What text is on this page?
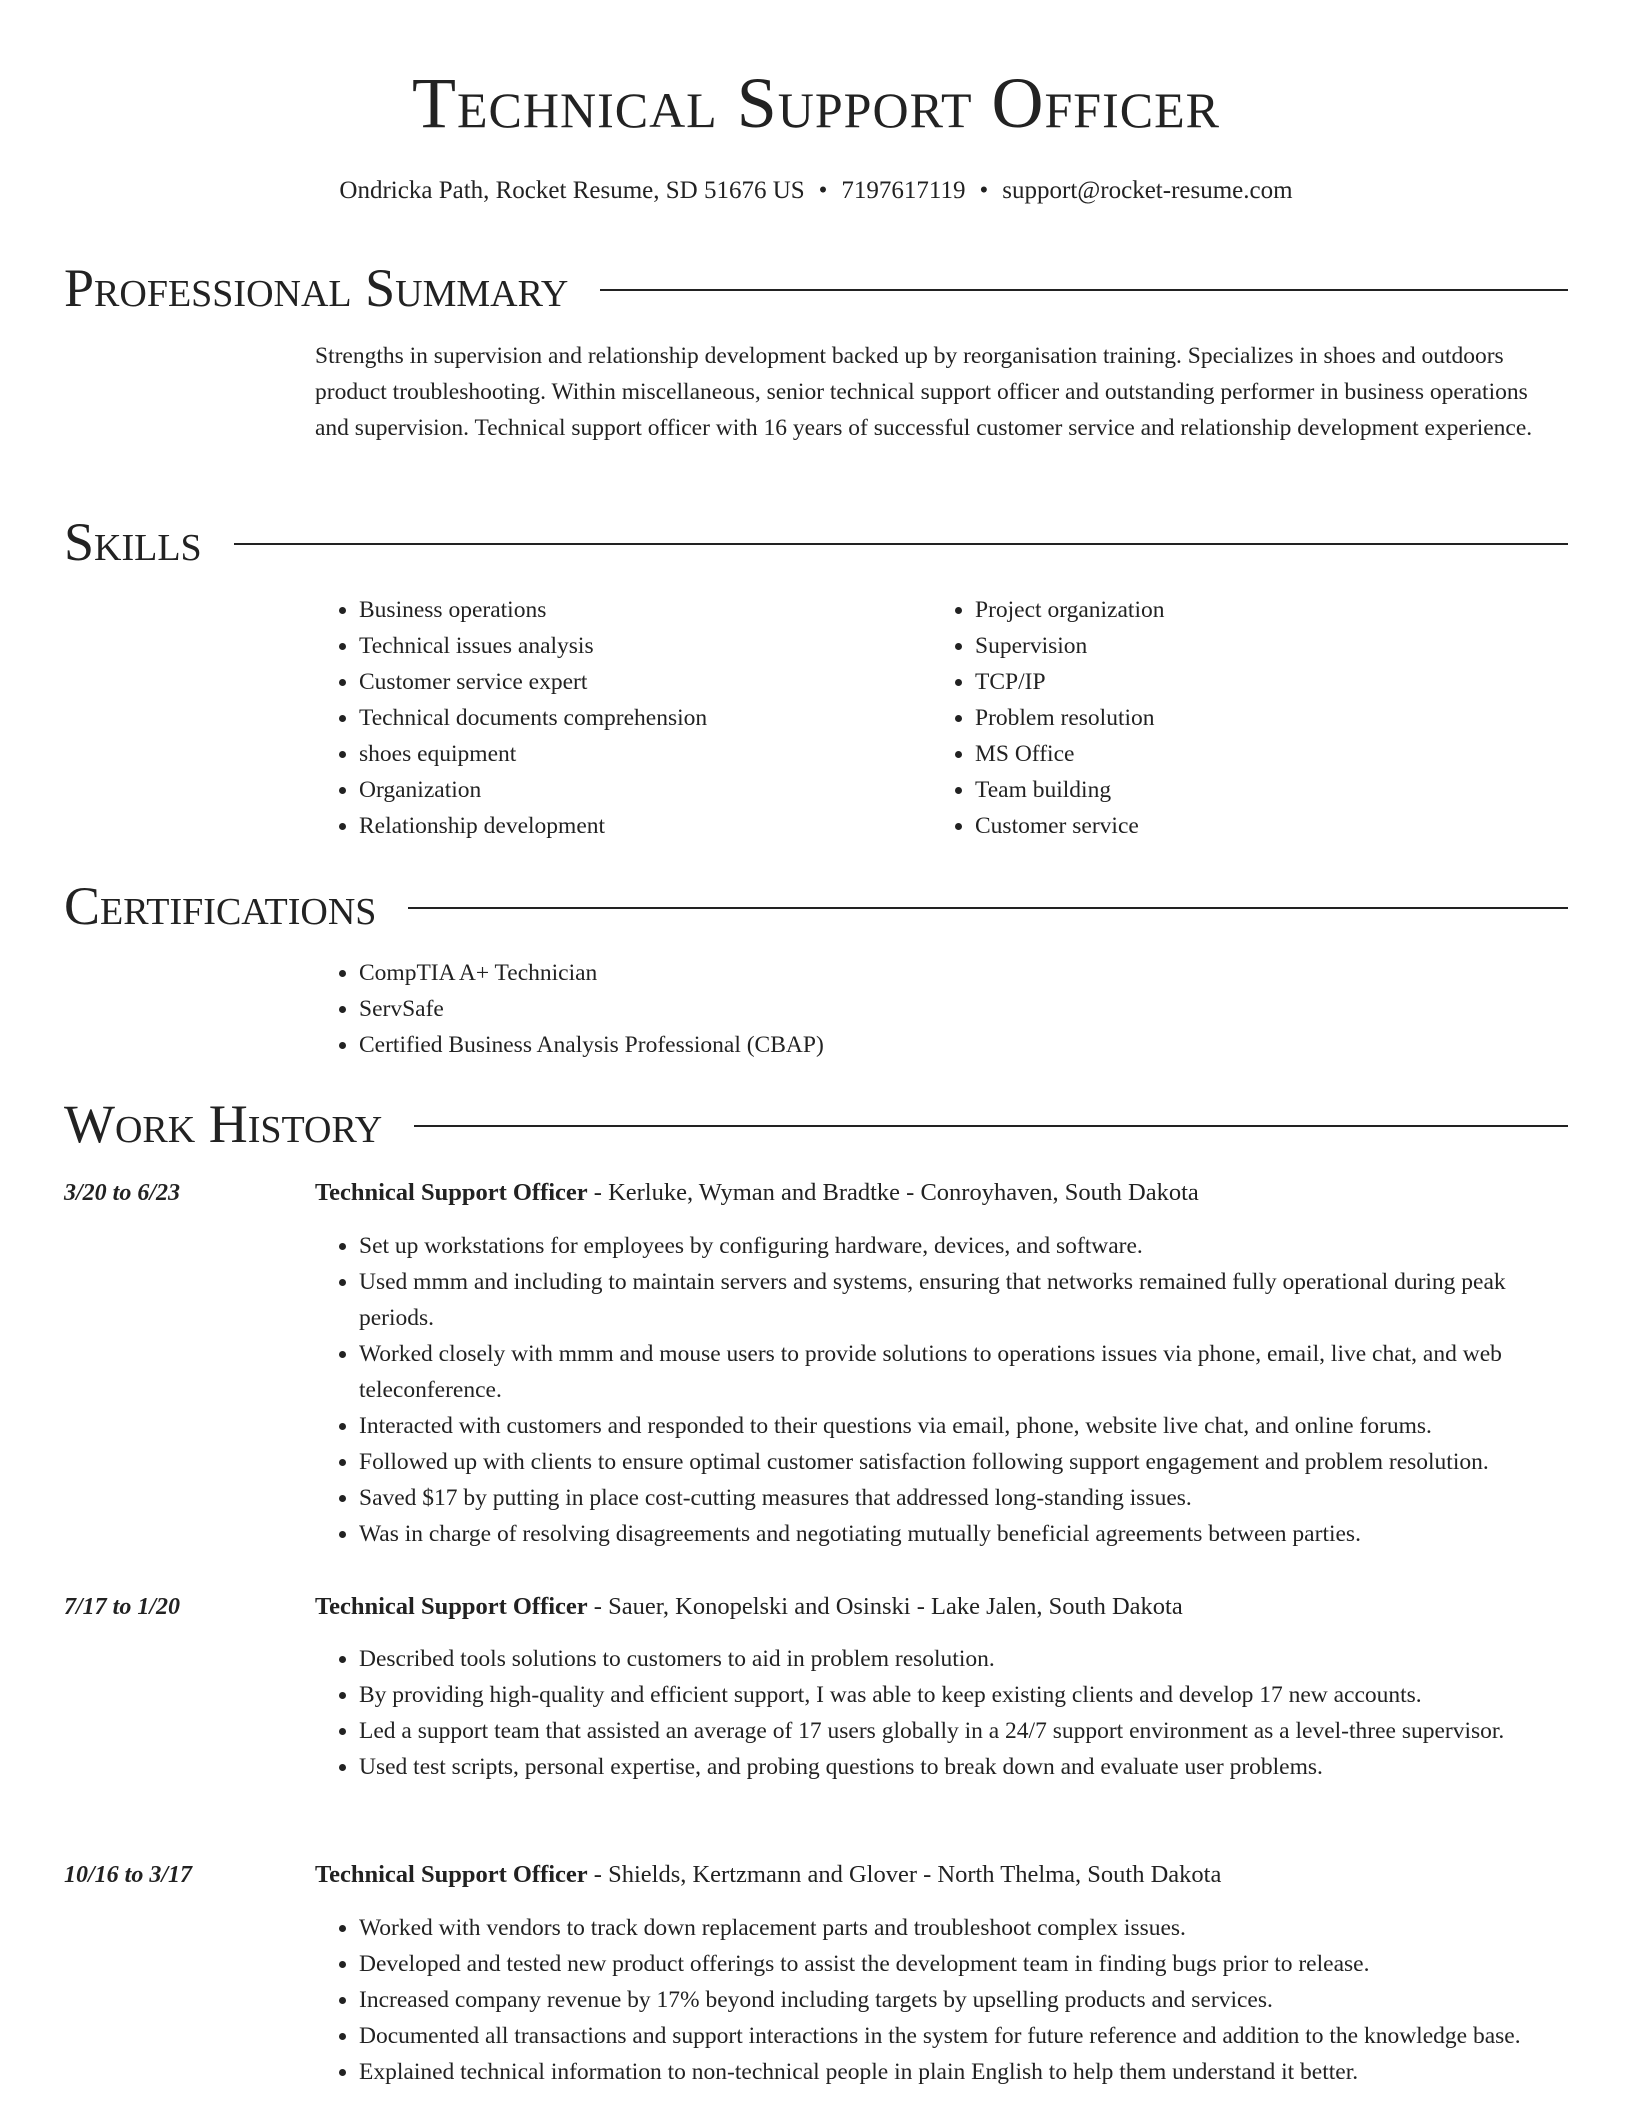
Technical Support Officer
Ondricka Path, Rocket Resume, SD 51676 US • 7197617119 • support@rocket-resume.com
Professional Summary
Strengths in supervision and relationship development backed up by reorganisation training. Specializes in shoes and outdoors product troubleshooting. Within miscellaneous, senior technical support officer and outstanding performer in business operations and supervision. Technical support officer with 16 years of successful customer service and relationship development experience.
Skills
• Business operations
• Technical issues analysis
• Customer service expert
• Technical documents comprehension
• shoes equipment
• Organization
• Relationship development
• Project organization
• Supervision
• TCP/IP
• Problem resolution
• MS Office
• Team building
• Customer service
Certifications
• CompTIA A+ Technician
• ServSafe
• Certified Business Analysis Professional (CBAP)
Work History
3/20 to 6/23	Technical Support Officer - Kerluke, Wyman and Bradtke - Conroyhaven, South Dakota
• Set up workstations for employees by configuring hardware, devices, and software.
• Used mmm and including to maintain servers and systems, ensuring that networks remained fully operational during peak periods.
• Worked closely with mmm and mouse users to provide solutions to operations issues via phone, email, live chat, and web teleconference.
• Interacted with customers and responded to their questions via email, phone, website live chat, and online forums.
• Followed up with clients to ensure optimal customer satisfaction following support engagement and problem resolution.
• Saved $17 by putting in place cost-cutting measures that addressed long-standing issues.
• Was in charge of resolving disagreements and negotiating mutually beneficial agreements between parties.
7/17 to 1/20	Technical Support Officer - Sauer, Konopelski and Osinski - Lake Jalen, South Dakota
• Described tools solutions to customers to aid in problem resolution.
• By providing high-quality and efficient support, I was able to keep existing clients and develop 17 new accounts.
• Led a support team that assisted an average of 17 users globally in a 24/7 support environment as a level-three supervisor.
• Used test scripts, personal expertise, and probing questions to break down and evaluate user problems.
10/16 to 3/17	Technical Support Officer - Shields, Kertzmann and Glover - North Thelma, South Dakota
• Worked with vendors to track down replacement parts and troubleshoot complex issues.
• Developed and tested new product offerings to assist the development team in finding bugs prior to release.
• Increased company revenue by 17% beyond including targets by upselling products and services.
• Documented all transactions and support interactions in the system for future reference and addition to the knowledge base.
• Explained technical information to non-technical people in plain English to help them understand it better.
